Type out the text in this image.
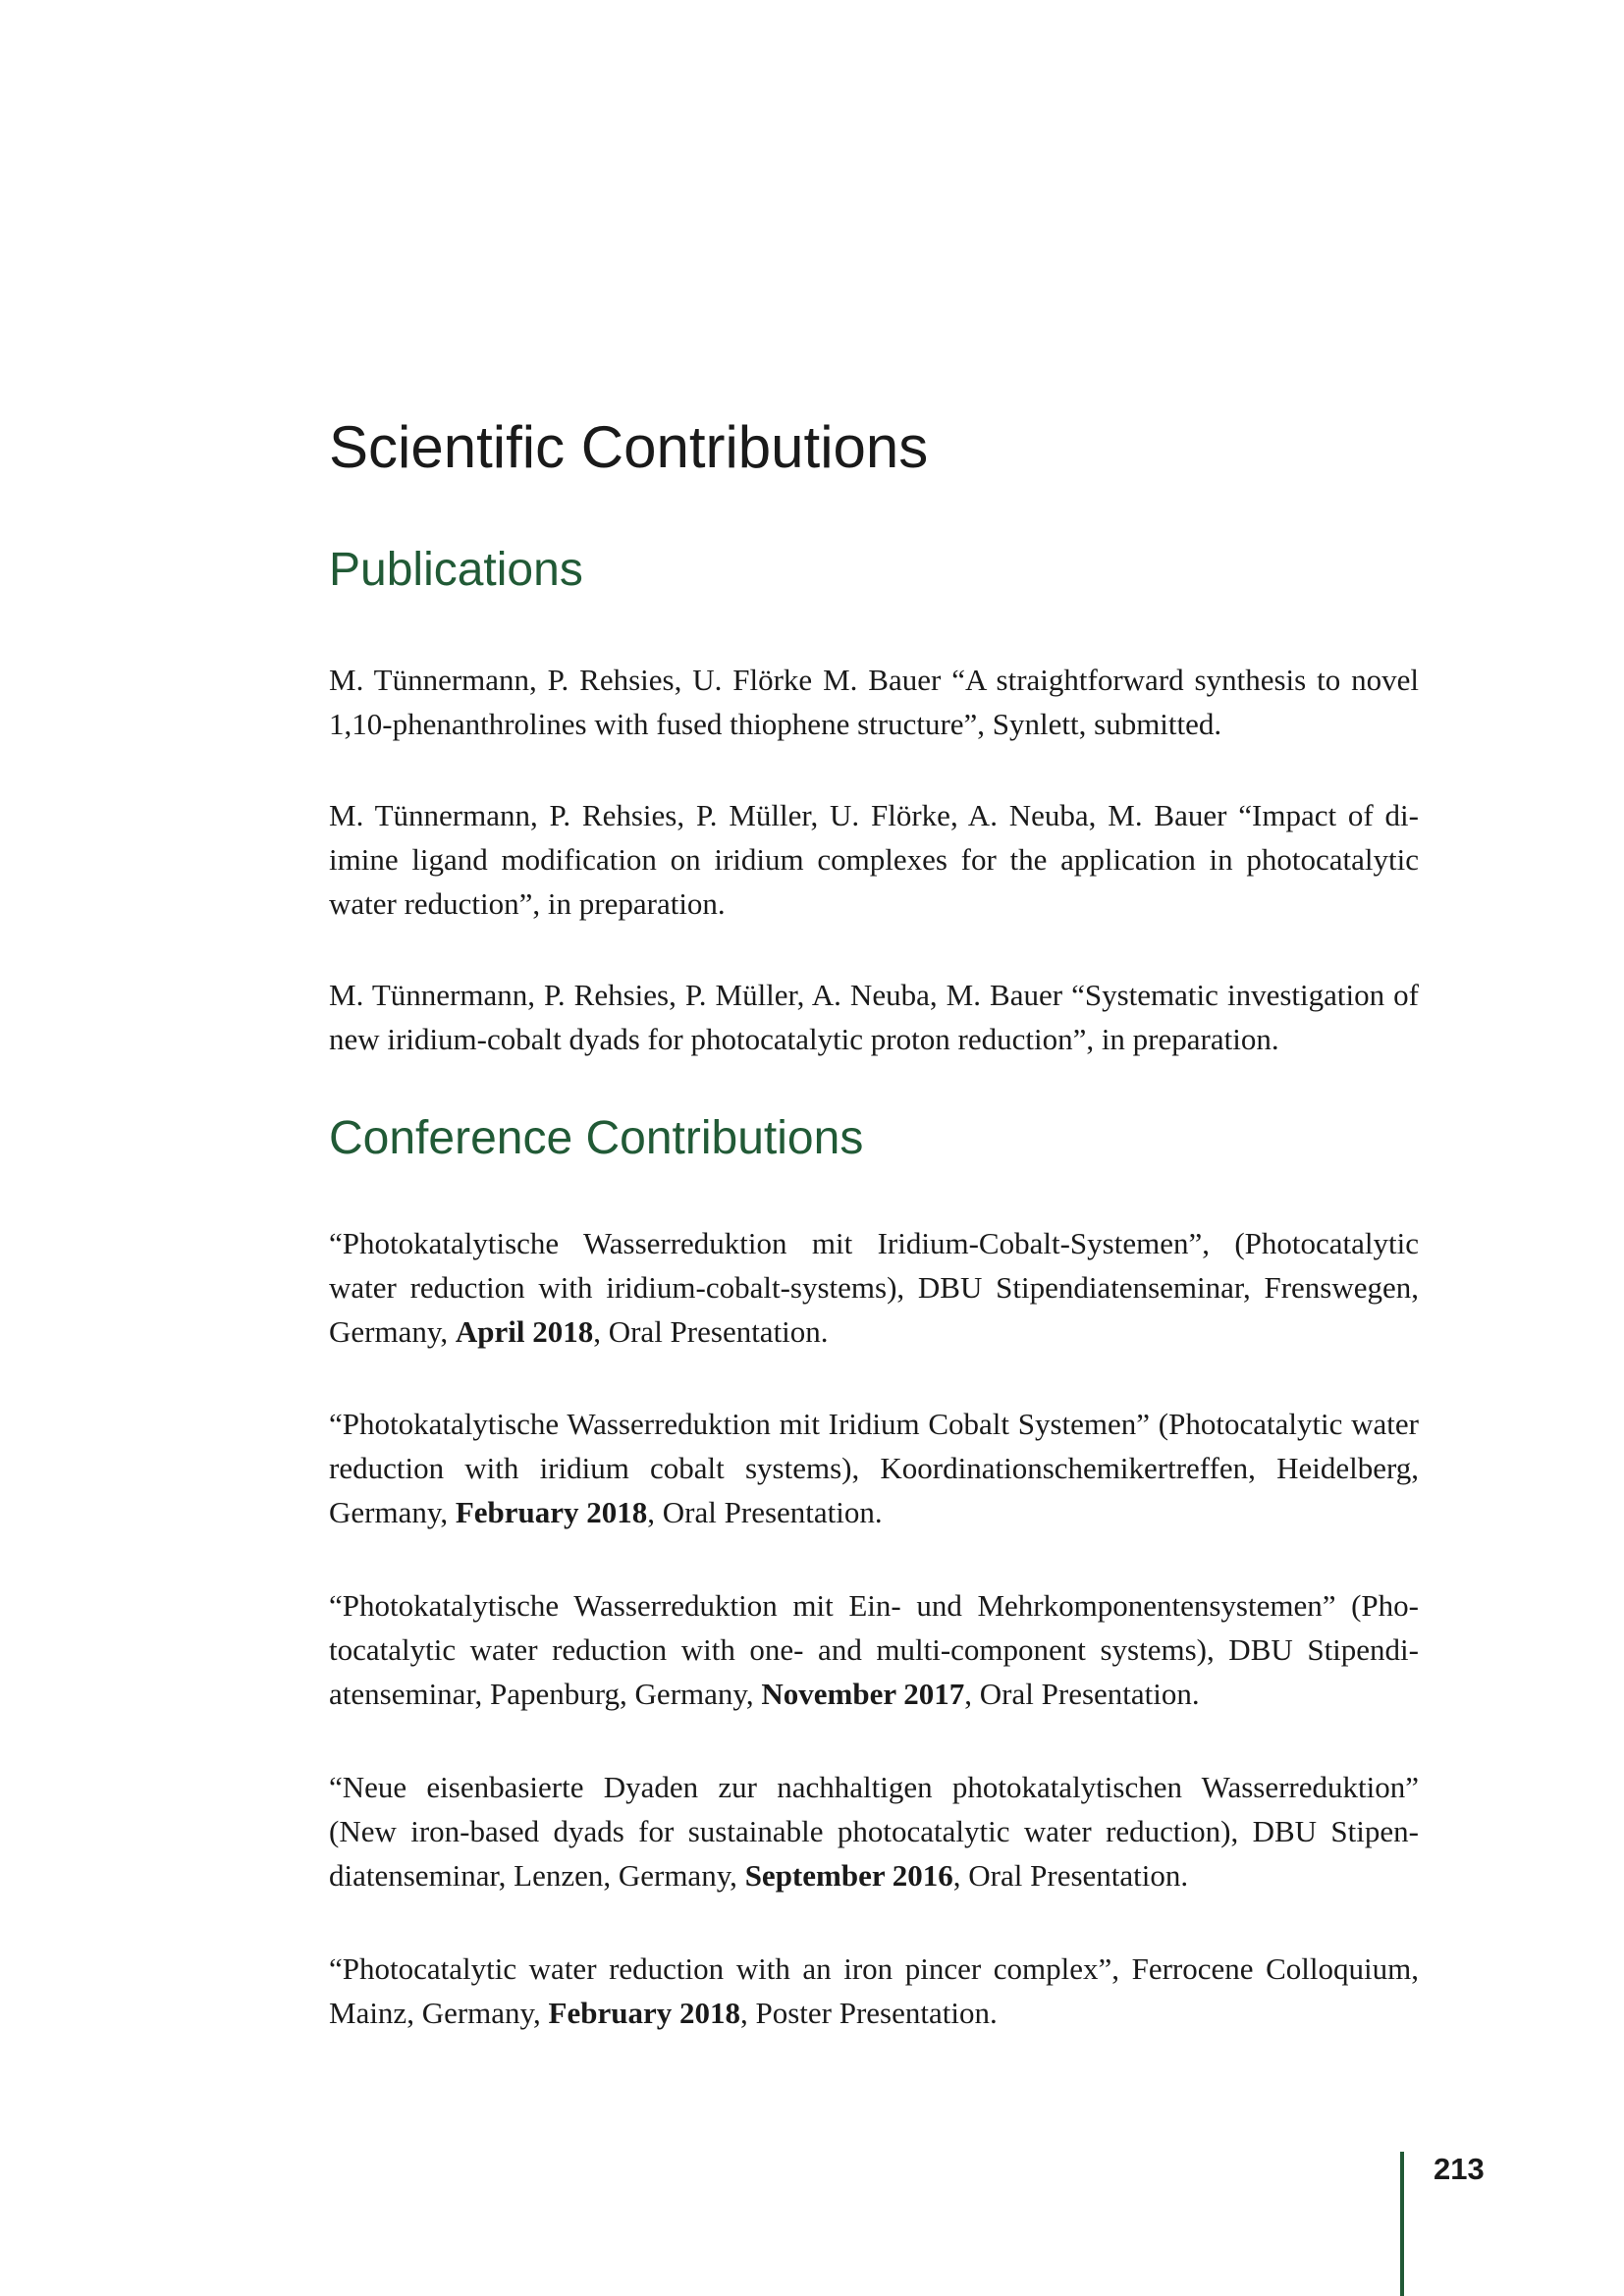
Scientific Contributions
Publications

M. Tünnermann, P. Rehsies, U. Flörke M. Bauer “A straightforward synthesis to novel 1,10-phenanthrolines with fused thiophene structure”, Synlett, submitted.

M. Tünnermann, P. Rehsies, P. Müller, U. Flörke, A. Neuba, M. Bauer “Impact of diimine ligand modification on iridium complexes for the application in photocatalytic water reduction”, in preparation.

M. Tünnermann, P. Rehsies, P. Müller, A. Neuba, M. Bauer “Systematic investigation of new iridium-cobalt dyads for photocatalytic proton reduction”, in preparation.

Conference Contributions

“Photokatalytische Wasserreduktion mit Iridium-Cobalt-Systemen”, (Photocatalytic water reduction with iridium-cobalt-systems), DBU Stipendiatenseminar, Frenswegen, Germany, April 2018, Oral Presentation.

“Photokatalytische Wasserreduktion mit Iridium Cobalt Systemen” (Photocatalytic water reduction with iridium cobalt systems), Koordinationschemikertreffen, Heidelberg, Germany, February 2018, Oral Presentation.

“Photokatalytische Wasserreduktion mit Ein- und Mehrkomponentensystemen” (Photocatalytic water reduction with one- and multi-component systems), DBU Stipendiatenseminar, Papenburg, Germany, November 2017, Oral Presentation.

“Neue eisenbasierte Dyaden zur nachhaltigen photokatalytischen Wasserreduktion” (New iron-based dyads for sustainable photocatalytic water reduction), DBU Stipendiatenseminar, Lenzen, Germany, September 2016, Oral Presentation.

“Photocatalytic water reduction with an iron pincer complex”, Ferrocene Colloquium, Mainz, Germany, February 2018, Poster Presentation.

213
